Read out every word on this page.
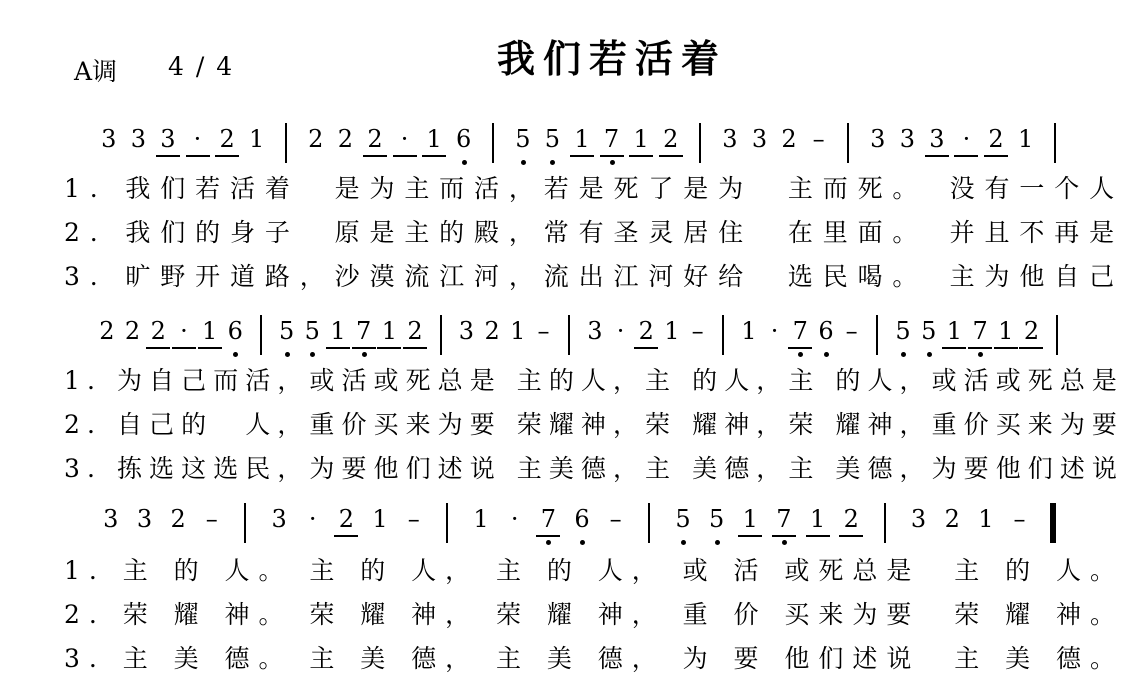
A调 4 / 4	我们若活着
3 3 3 · 2 1	2 2 2 · 1 6	5 5 1 7 1 2	3 3 2 –	3 3 3 · 2 1
1. 我们若活着　是为主而活，若是死了是为　主而死。　没有一个人
2. 我们的身子　原是主的殿，常有圣灵居住　在里面。　并且不再是
3. 旷野开道路，沙漠流江河，流出江河好给　选民喝。　主为他自己
2 2 2 · 1 6	5 5 1 7 1 2	3 2 1 –	3 · 2 1 –	1 · 7 6 –	5 5 1 7 1 2
1. 为自己而活，或活或死总是 主的人，主 的人，主 的人，或活或死总是
2. 自己的　人，重价买来为要 荣耀神，荣 耀神，荣 耀神，重价买来为要
3. 拣选这选民，为要他们述说 主美德，主 美德，主 美德，为要他们述说
3 3 2 –	3 · 2 1 –	1 · 7 6 –	5 5 1 7 1 2	3 2 1 –
1. 主 的 人。 主 的 人， 主 的 人， 或 活 或死总是　主 的 人。
2. 荣 耀 神。 荣 耀 神， 荣 耀 神， 重 价 买来为要　荣 耀 神。
3. 主 美 德。 主 美 德， 主 美 德， 为 要 他们述说　主 美 德。
